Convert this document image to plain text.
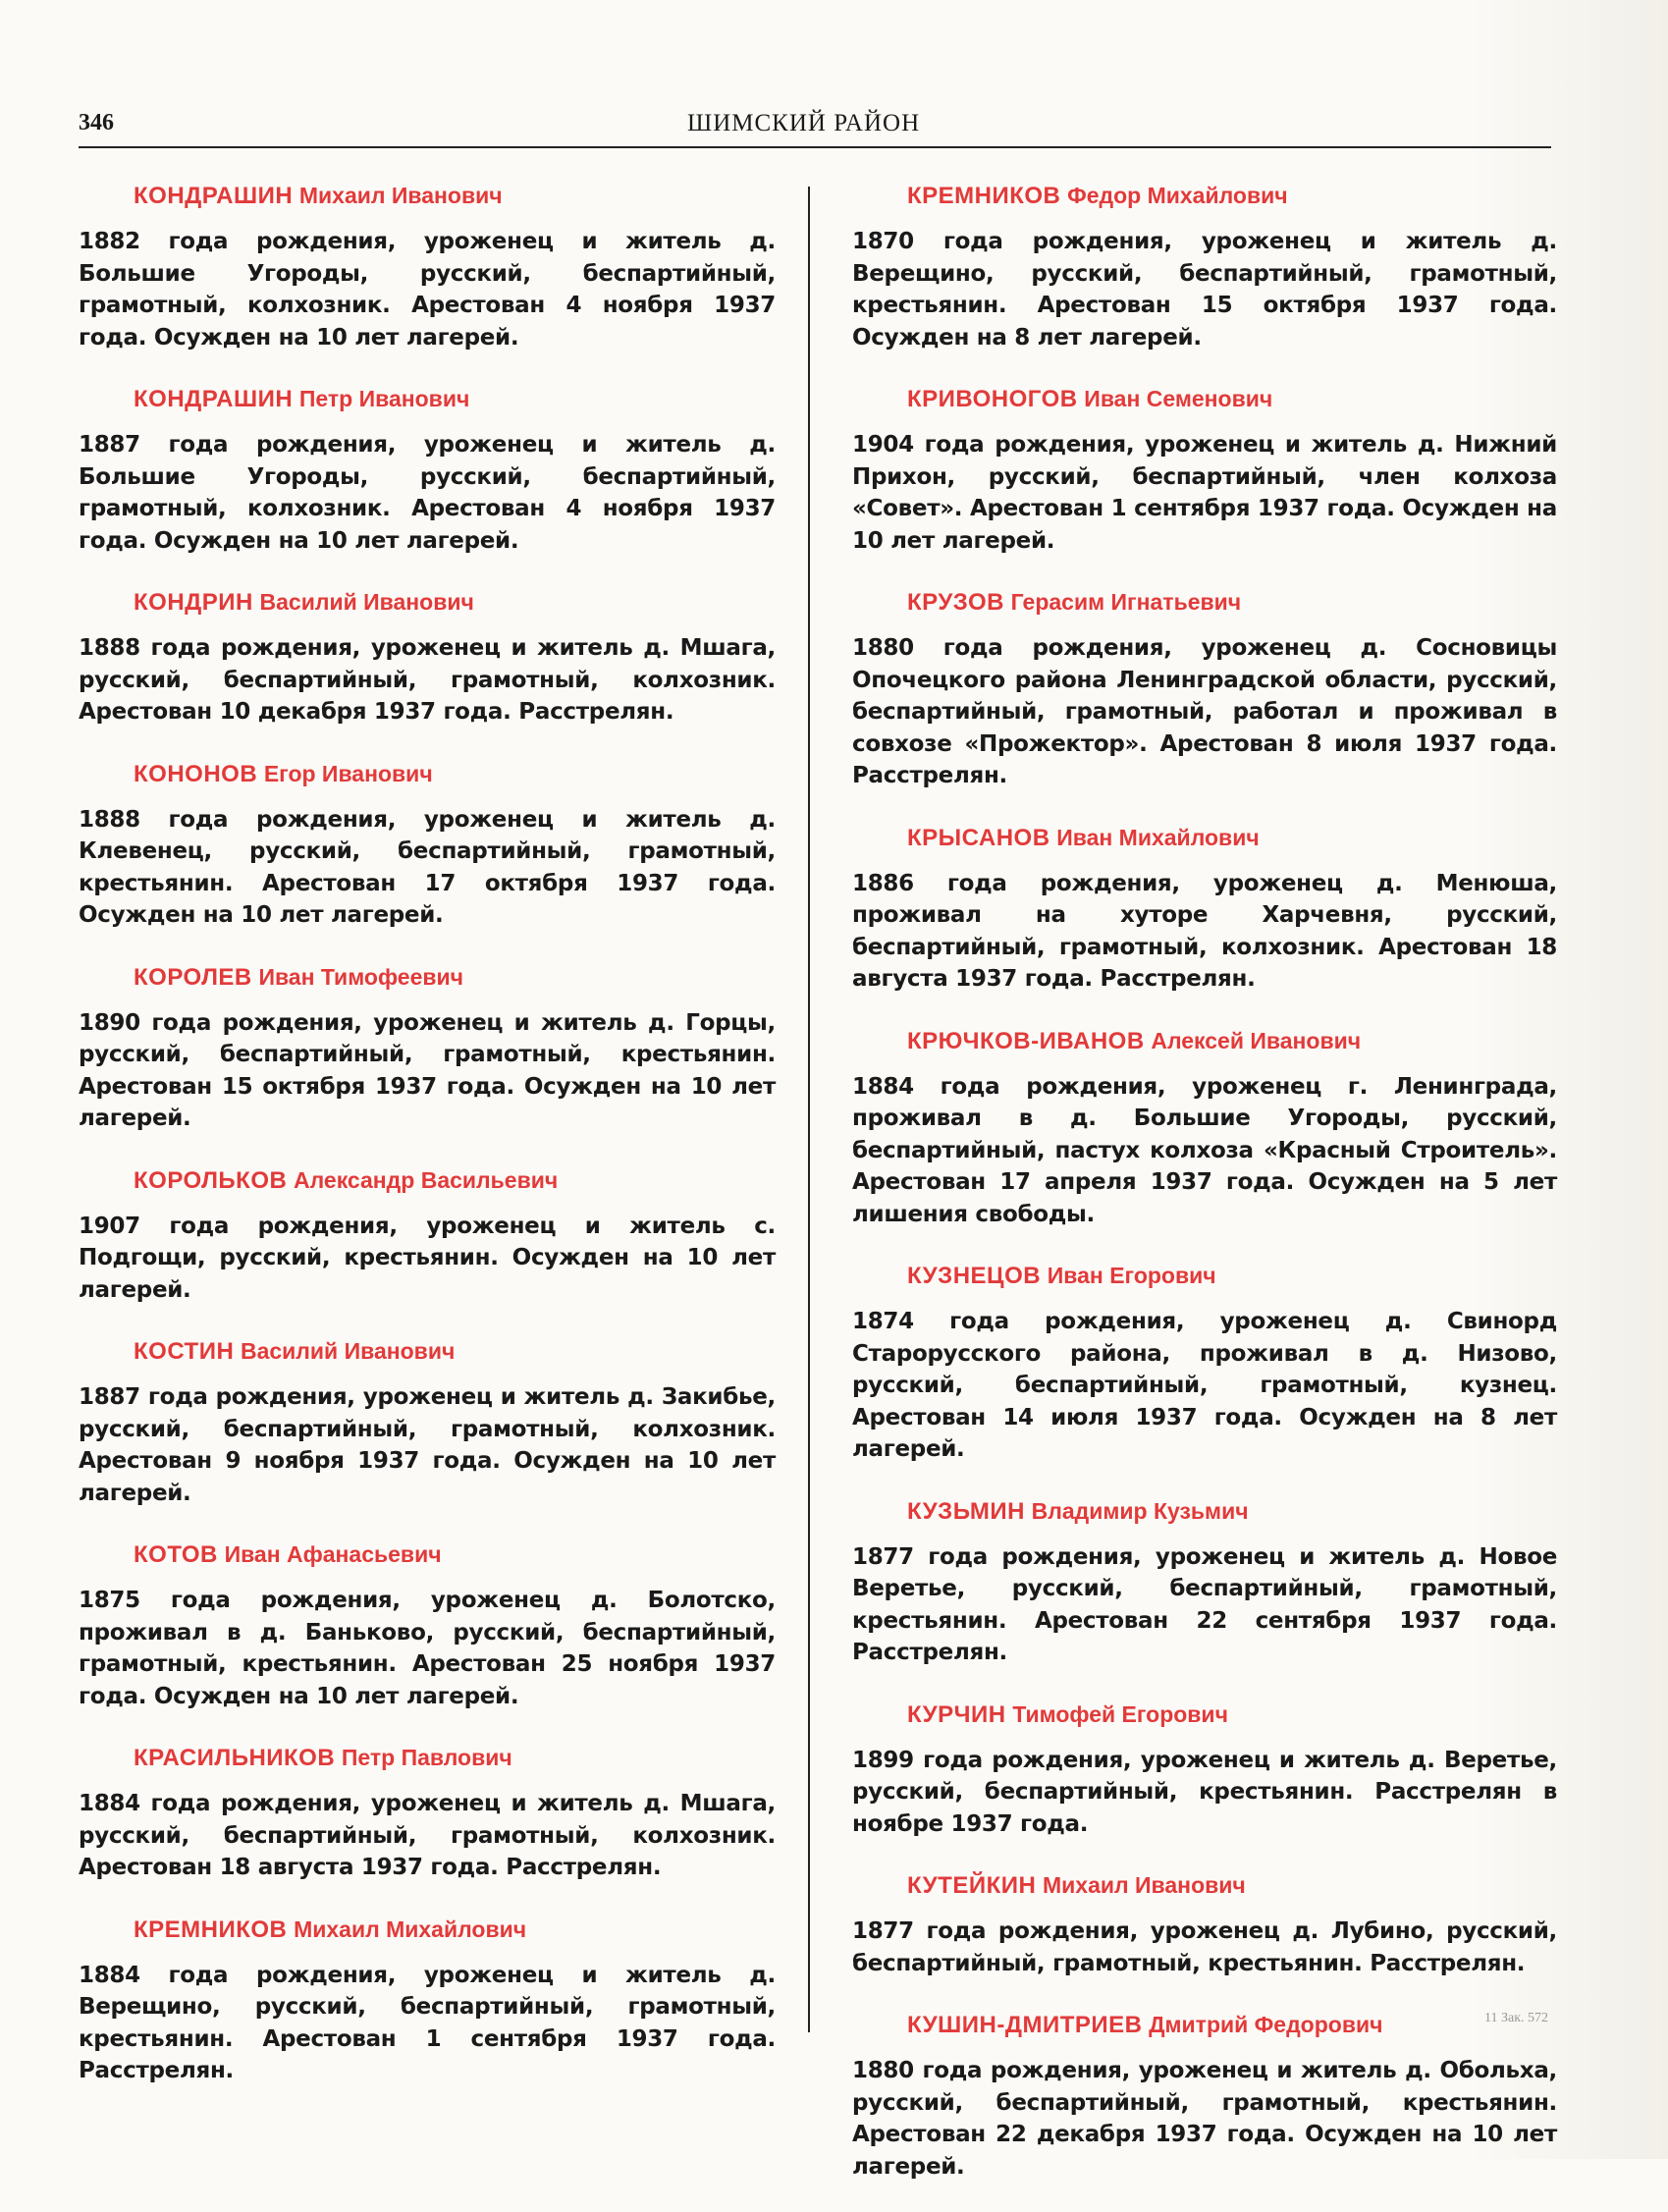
346	ШИМСКИЙ РАЙОН

КОНДРАШИН Михаил Иванович

1882 года рождения, уроженец и житель д. Большие Угороды, русский, беспартийный, грамотный, колхозник. Арестован 4 ноября 1937 года. Осужден на 10 лет лагерей.

КОНДРАШИН Петр Иванович

1887 года рождения, уроженец и житель д. Большие Угороды, русский, беспартийный, грамотный, колхозник. Арестован 4 ноября 1937 года. Осужден на 10 лет лагерей.

КОНДРИН Василий Иванович

1888 года рождения, уроженец и житель д. Мшага, русский, беспартийный, грамотный, колхозник. Арестован 10 декабря 1937 года. Расстрелян.

КОНОНОВ Егор Иванович

1888 года рождения, уроженец и житель д. Клевенец, русский, беспартийный, грамотный, крестьянин. Арестован 17 октября 1937 года. Осужден на 10 лет лагерей.

КОРОЛЕВ Иван Тимофеевич

1890 года рождения, уроженец и житель д. Горцы, русский, беспартийный, грамотный, крестьянин. Арестован 15 октября 1937 года. Осужден на 10 лет лагерей.

КОРОЛЬКОВ Александр Васильевич

1907 года рождения, уроженец и житель с. Подгощи, русский, крестьянин. Осужден на 10 лет лагерей.

КОСТИН Василий Иванович

1887 года рождения, уроженец и житель д. Закибье, русский, беспартийный, грамотный, колхозник. Арестован 9 ноября 1937 года. Осужден на 10 лет лагерей.

КОТОВ Иван Афанасьевич

1875 года рождения, уроженец д. Болотско, проживал в д. Баньково, русский, беспартийный, грамотный, крестьянин. Арестован 25 ноября 1937 года. Осужден на 10 лет лагерей.

КРАСИЛЬНИКОВ Петр Павлович

1884 года рождения, уроженец и житель д. Мшага, русский, беспартийный, грамотный, колхозник. Арестован 18 августа 1937 года. Расстрелян.

КРЕМНИКОВ Михаил Михайлович

1884 года рождения, уроженец и житель д. Верещино, русский, беспартийный, грамотный, крестьянин. Арестован 1 сентября 1937 года. Расстрелян.

КРЕМНИКОВ Федор Михайлович

1870 года рождения, уроженец и житель д. Верещино, русский, беспартийный, грамотный, крестьянин. Арестован 15 октября 1937 года. Осужден на 8 лет лагерей.

КРИВОНОГОВ Иван Семенович

1904 года рождения, уроженец и житель д. Нижний Прихон, русский, беспартийный, член колхоза «Совет». Арестован 1 сентября 1937 года. Осужден на 10 лет лагерей.

КРУЗОВ Герасим Игнатьевич

1880 года рождения, уроженец д. Сосновицы Опочецкого района Ленинградской области, русский, беспартийный, грамотный, работал и проживал в совхозе «Прожектор». Арестован 8 июля 1937 года. Расстрелян.

КРЫСАНОВ Иван Михайлович

1886 года рождения, уроженец д. Менюша, проживал на хуторе Харчевня, русский, беспартийный, грамотный, колхозник. Арестован 18 августа 1937 года. Расстрелян.

КРЮЧКОВ-ИВАНОВ Алексей Иванович

1884 года рождения, уроженец г. Ленинграда, проживал в д. Большие Угороды, русский, беспартийный, пастух колхоза «Красный Строитель». Арестован 17 апреля 1937 года. Осужден на 5 лет лишения свободы.

КУЗНЕЦОВ Иван Егорович

1874 года рождения, уроженец д. Свинорд Старорусского района, проживал в д. Низово, русский, беспартийный, грамотный, кузнец. Арестован 14 июля 1937 года. Осужден на 8 лет лагерей.

КУЗЬМИН Владимир Кузьмич

1877 года рождения, уроженец и житель д. Новое Веретье, русский, беспартийный, грамотный, крестьянин. Арестован 22 сентября 1937 года. Расстрелян.

КУРЧИН Тимофей Егорович

1899 года рождения, уроженец и житель д. Веретье, русский, беспартийный, крестьянин. Расстрелян в ноябре 1937 года.

КУТЕЙКИН Михаил Иванович

1877 года рождения, уроженец д. Лубино, русский, беспартийный, грамотный, крестьянин. Расстрелян.

КУШИН-ДМИТРИЕВ Дмитрий Федорович

1880 года рождения, уроженец и житель д. Обольха, русский, беспартийный, грамотный, крестьянин. Арестован 22 декабря 1937 года. Осужден на 10 лет лагерей.

11 Зак. 572
